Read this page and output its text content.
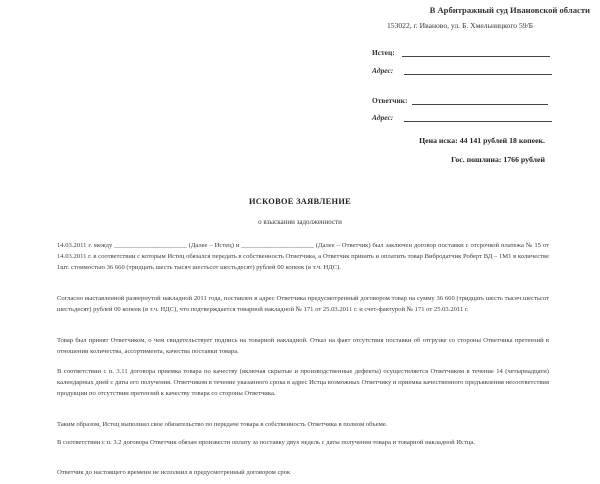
В Арбитражный суд Ивановской области
153022, г. Иваново, ул. Б. Хмельницкого 59/Б
Истец:
Адрес:
Ответчик:
Адрес:
Цена иска: 44 141 рублей 18 копеек.
Гос. пошлина: 1766 рублей
ИСКОВОЕ ЗАЯВЛЕНИЕ
о взыскании задолженности
14.03.2011 г. между ______________________ (Далее – Истец) и ______________________ (Далее – Ответчик) был заключен договор поставки с отсрочкой платежа № 15 от 14.03.2011 г. в соответствии с которым Истец обязался передать в собственность Ответчика, а Ответчик принять и оплатить товар Вибродатчик Роберт ВД – 1М1 в количестве 1шт. стоимостью 36 660 (тридцать шесть тысяч шестьсот шестьдесят) рублей 00 копеек (в т.ч. НДС).
Согласно выставленной развернутой накладной 2011 года, поставлен в адрес Ответчика предусмотренный договором товар на сумму 36 660 (тридцать шесть тысяч шестьсот шестьдесят) рублей 00 копеек (в т.ч. НДС), что подтверждается товарной накладной № 171 от 25.03.2011 г. и счет-фактурой № 171 от 25.03.2011 г.
Товар был принят Ответчиком, о чем свидетельствует подпись на товарной накладной. Отказ на факт отсутствия поставки об отгрузке со стороны Ответчика претензий в отношении количества, ассортимента, качества поставки товара.
В соответствии с п. 3.11 договора приемка товара по качеству (включая скрытые и производственные дефекты) осуществляется Ответчиком в течение 14 (четырнадцати) календарных дней с даты его получения. Ответчиком в течение указанного срока в адрес Истца возможных Ответчику и приемка качественного предъявления несоответствия продукции по отсутствии претензий к качеству товара со стороны Ответчика.
Таким образом, Истец выполнил свое обязательство по передаче товара в собственность Ответчика в полном объеме.
В соответствии с п. 3.2 договора Ответчик обязан произвести оплату за поставку двух недель с даты получения товара и товарной накладной Истца.
Ответчик до настоящего времени не исполнил в предусмотренный договором срок
